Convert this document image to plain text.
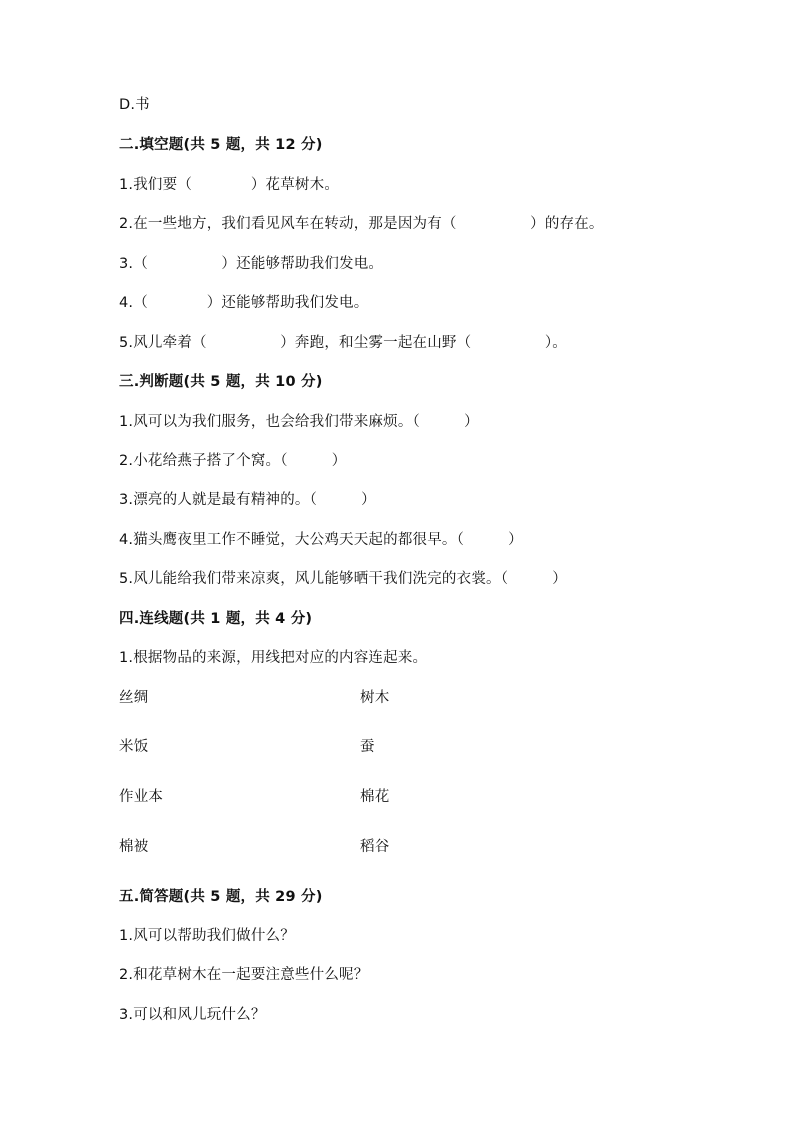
D.书
二.填空题(共 5 题，共 12 分)
1.我们要（　　　　）花草树木。
2.在一些地方，我们看见风车在转动，那是因为有（　　　　　）的存在。
3.（　　　　　）还能够帮助我们发电。
4.（　　　　）还能够帮助我们发电。
5.风儿牵着（　　　　　）奔跑，和尘雾一起在山野（　　　　　）。
三.判断题(共 5 题，共 10 分)
1.风可以为我们服务，也会给我们带来麻烦。（　　　）
2.小花给燕子搭了个窝。（　　　）
3.漂亮的人就是最有精神的。（　　　）
4.猫头鹰夜里工作不睡觉，大公鸡天天起的都很早。（　　　）
5.风儿能给我们带来凉爽，风儿能够晒干我们洗完的衣裳。（　　　）
四.连线题(共 1 题，共 4 分)
1.根据物品的来源，用线把对应的内容连起来。
丝绸	树木
米饭	蚕
作业本	棉花
棉被	稻谷
五.简答题(共 5 题，共 29 分)
1.风可以帮助我们做什么？
2.和花草树木在一起要注意些什么呢？
3.可以和风儿玩什么？
